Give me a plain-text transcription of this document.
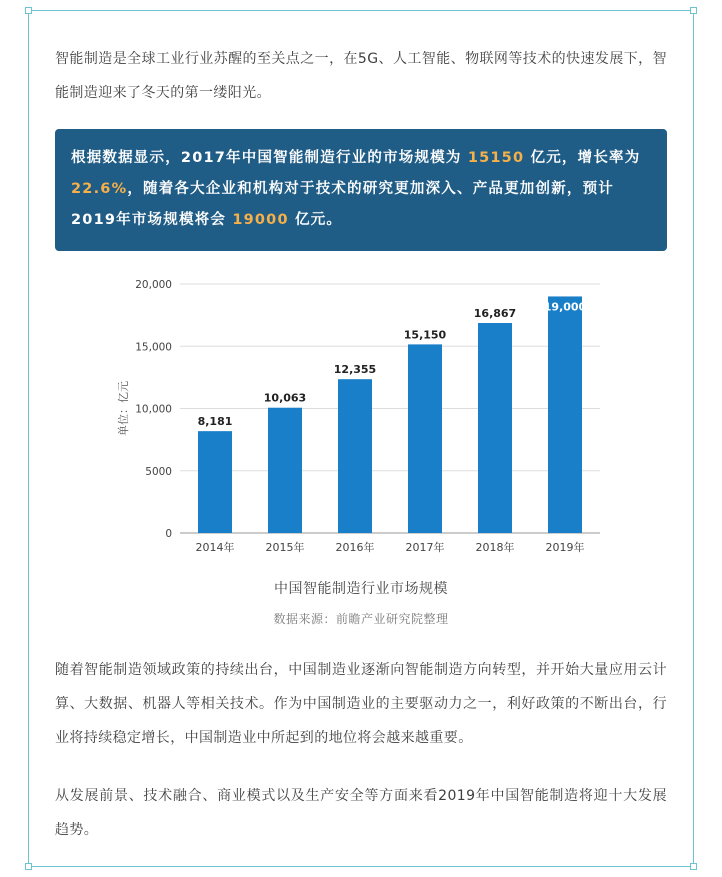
智能制造是全球工业行业苏醒的至关点之一，在5G、人工智能、物联网等技术的快速发展下，智能制造迎来了冬天的第一缕阳光。

根据数据显示，2017年中国智能制造行业的市场规模为 15150 亿元，增长率为 22.6%，随着各大企业和机构对于技术的研究更加深入、产品更加创新，预计2019年市场规模将会 19000 亿元。
0
5000
10,000
15,000
20,000
单位：亿元	8,181
2014年
10,063
2015年
12,355
2016年
15,150
2017年
16,867
2018年
19,000
2019年
中国智能制造行业市场规模
数据来源：前瞻产业研究院整理

随着智能制造领域政策的持续出台，中国制造业逐渐向智能制造方向转型，并开始大量应用云计算、大数据、机器人等相关技术。作为中国制造业的主要驱动力之一，利好政策的不断出台，行业将持续稳定增长，中国制造业中所起到的地位将会越来越重要。

从发展前景、技术融合、商业模式以及生产安全等方面来看2019年中国智能制造将迎十大发展趋势。
